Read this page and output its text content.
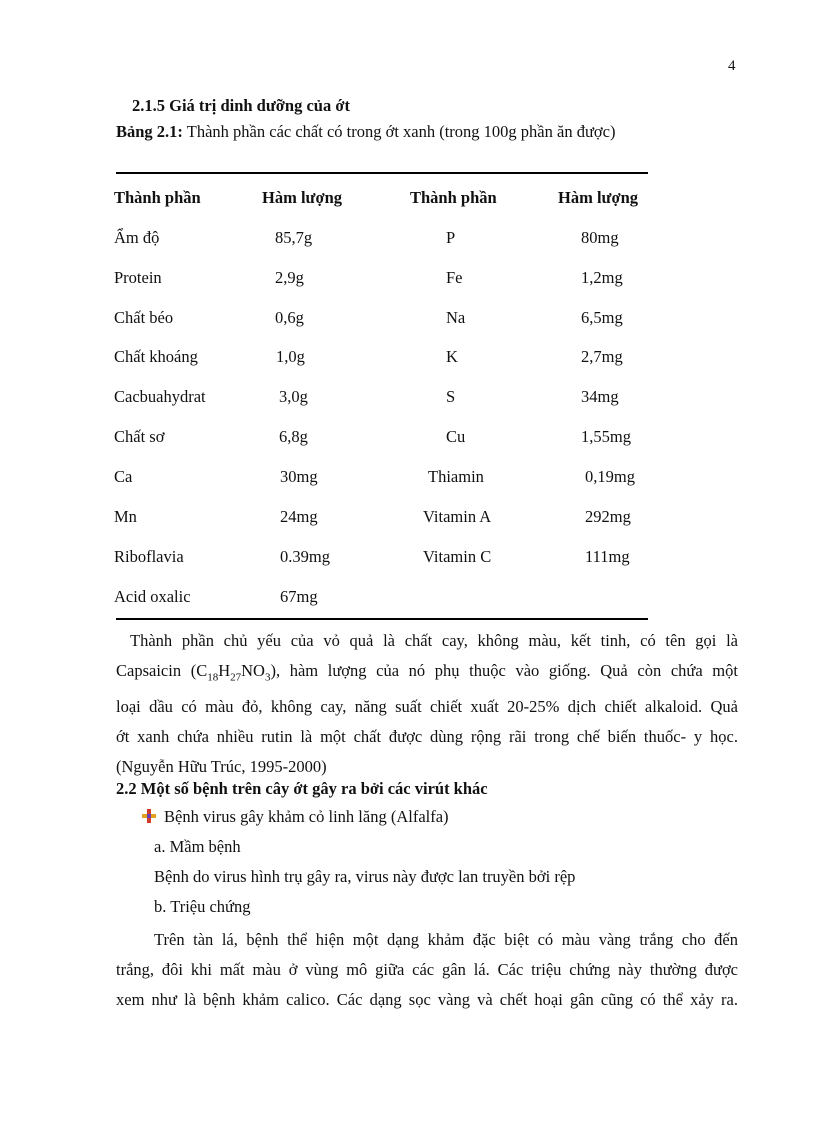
4
2.1.5 Giá trị dinh dưỡng của ớt
Bảng 2.1: Thành phần các chất có trong ớt xanh (trong 100g phần ăn được)
Thành phần	Hàm lượng	Thành phần	Hàm lượng
Ẩm độ	85,7g	P	80mg
Protein	2,9g	Fe	1,2mg
Chất béo	0,6g	Na	6,5mg
Chất khoáng	1,0g	K	2,7mg
Cacbuahydrat	3,0g	S	34mg
Chất sơ	6,8g	Cu	1,55mg
Ca	30mg	Thiamin	0,19mg
Mn	24mg	Vitamin A	292mg
Riboflavia	0.39mg	Vitamin C	111mg
Acid oxalic	67mg
Thành phần chủ yếu của vỏ quả là chất cay, không màu, kết tinh, có tên gọi là
Capsaicin $(C_{18}H_{27}NO_3)$, hàm lượng của nó phụ thuộc vào giống. Quả còn chứa một
loại dầu có màu đỏ, không cay, năng suất chiết xuất 20-25% dịch chiết alkaloid. Quả
ớt xanh chứa nhiều rutin là một chất được dùng rộng rãi trong chế biến thuốc- y học.
(Nguyễn Hữu Trúc, 1995-2000)
2.2 Một số bệnh trên cây ớt gây ra bởi các virút khác
Bệnh virus gây khảm cỏ linh lăng (Alfalfa)
a. Mầm bệnh
Bệnh do virus hình trụ gây ra, virus này được lan truyền bởi rệp
b. Triệu chứng
Trên tàn lá, bệnh thể hiện một dạng khảm đặc biệt có màu vàng trắng cho đến
trắng, đôi khi mất màu ở vùng mô giữa các gân lá. Các triệu chứng này thường được
xem như là bệnh khảm calico. Các dạng sọc vàng và chết hoại gân cũng có thể xảy ra.
